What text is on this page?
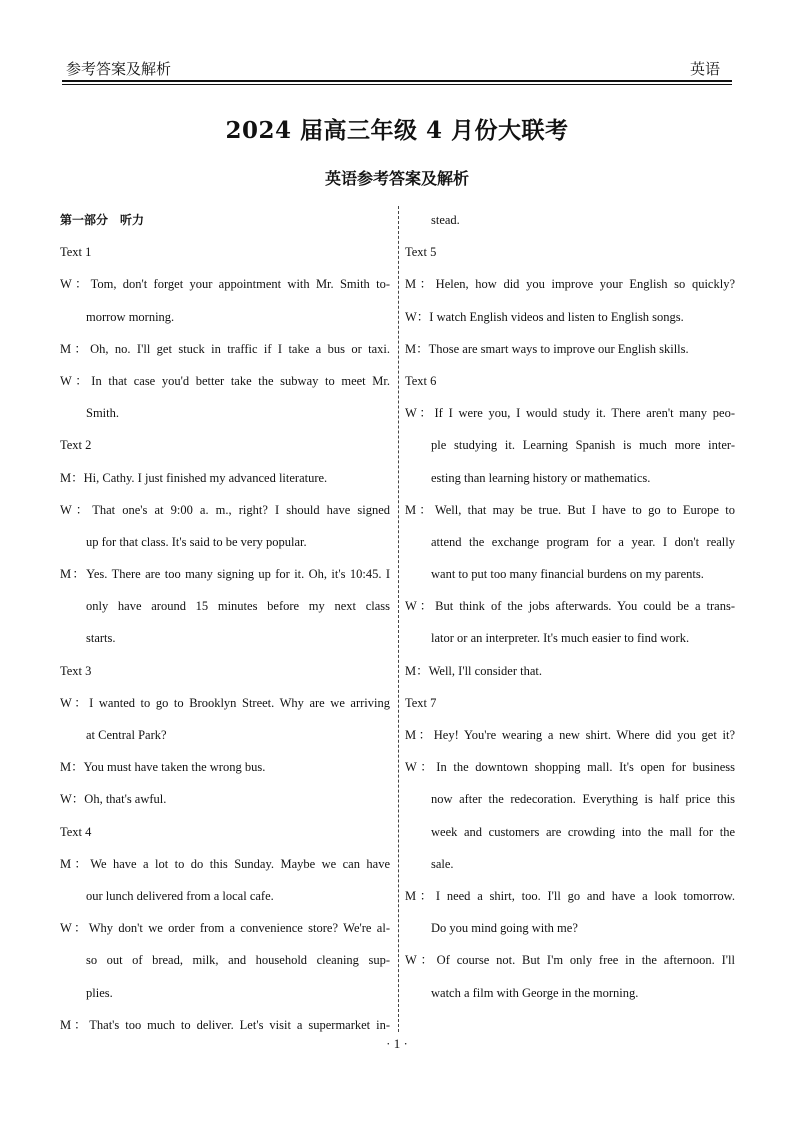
参考答案及解析	英语
2024 届高三年级 4 月份大联考
英语参考答案及解析
第一部分　听力
Text 1
W：Tom, don't forget your appointment with Mr. Smith to-
morrow morning.
M：Oh, no. I'll get stuck in traffic if I take a bus or taxi.
W：In that case you'd better take the subway to meet Mr.
Smith.
Text 2
M：Hi, Cathy. I just finished my advanced literature.
W：That one's at 9:00 a. m., right? I should have signed
up for that class. It's said to be very popular.
M：Yes. There are too many signing up for it. Oh, it's 10:45. I
only have around 15 minutes before my next class
starts.
Text 3
W：I wanted to go to Brooklyn Street. Why are we arriving
at Central Park?
M：You must have taken the wrong bus.
W：Oh, that's awful.
Text 4
M：We have a lot to do this Sunday. Maybe we can have
our lunch delivered from a local cafe.
W：Why don't we order from a convenience store? We're al-
so out of bread, milk, and household cleaning sup-
plies.
M：That's too much to deliver. Let's visit a supermarket in-
stead.
Text 5
M：Helen, how did you improve your English so quickly?
W：I watch English videos and listen to English songs.
M：Those are smart ways to improve our English skills.
Text 6
W：If I were you, I would study it. There aren't many peo-
ple studying it. Learning Spanish is much more inter-
esting than learning history or mathematics.
M：Well, that may be true. But I have to go to Europe to
attend the exchange program for a year. I don't really
want to put too many financial burdens on my parents.
W：But think of the jobs afterwards. You could be a trans-
lator or an interpreter. It's much easier to find work.
M：Well, I'll consider that.
Text 7
M：Hey! You're wearing a new shirt. Where did you get it?
W：In the downtown shopping mall. It's open for business
now after the redecoration. Everything is half price this
week and customers are crowding into the mall for the
sale.
M：I need a shirt, too. I'll go and have a look tomorrow.
Do you mind going with me?
W：Of course not. But I'm only free in the afternoon. I'll
watch a film with George in the morning.
· 1 ·
